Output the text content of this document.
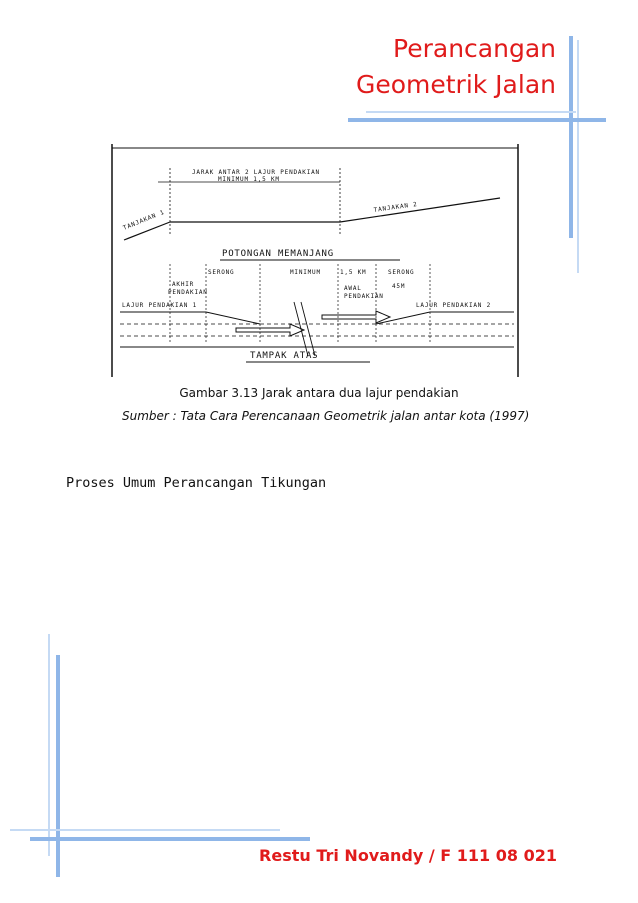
Perancangan
Geometrik Jalan
JARAK ANTAR 2 LAJUR PENDAKIAN
MINIMUM 1,5 KM
TANJAKAN 1
TANJAKAN 2
POTONGAN MEMANJANG
SERONG	MINIMUM	1,5 KM	SERONG
AKHIR
PENDAKIAN
AWAL
PENDAKIAN
45M
LAJUR PENDAKIAN 1	LAJUR PENDAKIAN 2
TAMPAK ATAS
Gambar 3.13 Jarak antara dua lajur pendakian
Sumber : Tata Cara Perencanaan Geometrik jalan antar kota (1997)
Proses Umum Perancangan Tikungan
Restu Tri Novandy / F 111 08 021
